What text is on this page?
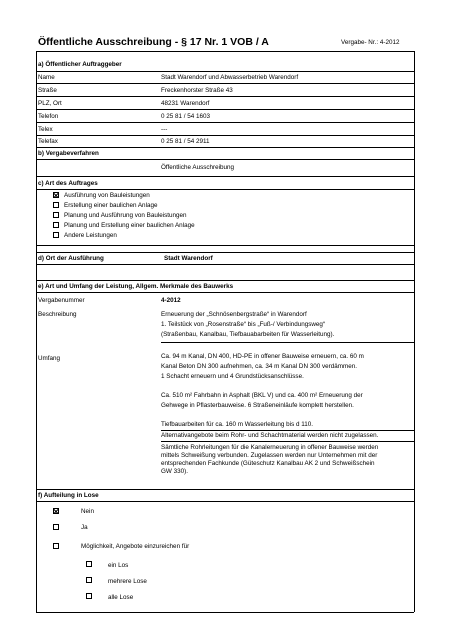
Öffentliche Ausschreibung - § 17 Nr. 1 VOB / A	Vergabe- Nr.: 4-2012
a) Öffentlicher Auftraggeber
Name	Stadt Warendorf und Abwasserbetrieb Warendorf
Straße	Freckenhorster Straße 43
PLZ, Ort	48231 Warendorf
Telefon	0 25 81 / 54 1603
Telex	---
Telefax	0 25 81 / 54 2911
b) Vergabeverfahren
Öffentliche Ausschreibung
c) Art des Auftrages
Ausführung von Bauleistungen
Erstellung einer baulichen Anlage
Planung und Ausführung von Bauleistungen
Planung und Erstellung einer baulichen Anlage
Andere Leistungen
d) Ort der Ausführung	Stadt Warendorf
e) Art und Umfang der Leistung, Allgem. Merkmale des Bauwerks
Vergabenummer	4-2012
Beschreibung	Erneuerung der „Schnösenbergstraße“ in Warendorf
1. Teilstück von „Rosenstraße“ bis „Fuß-/ Verbindungsweg“
(Straßenbau, Kanalbau, Tiefbauabarbeiten für Wasserleitung).
Umfang	Ca. 94 m Kanal, DN 400, HD-PE in offener Bauweise erneuern, ca. 60 m
Kanal Beton DN 300 aufnehmen, ca. 34 m Kanal DN 300 verdämmen.
1 Schacht erneuern und 4 Grundstücksanschlüsse.
Ca. 510 m² Fahrbahn in Asphalt (BKL V) und ca. 400 m² Erneuerung der
Gehwege in Pflasterbauweise. 6 Straßeneinläufe komplett herstellen.
Tiefbauarbeiten für ca. 160 m Wasserleitung bis d 110.
Alternativangebote beim Rohr- und Schachtmaterial werden nicht zugelassen.
Sämtliche Rohrleitungen für die Kanalerneuerung in offener Bauweise werden
mittels Schweißung verbunden. Zugelassen werden nur Unternehmen mit der
entsprechenden Fachkunde (Güteschutz Kanalbau AK 2 und Schweißschein
GW 330).
f) Aufteilung in Lose
Nein
Ja
Möglichkeit, Angebote einzureichen für
ein Los
mehrere Lose
alle Lose
